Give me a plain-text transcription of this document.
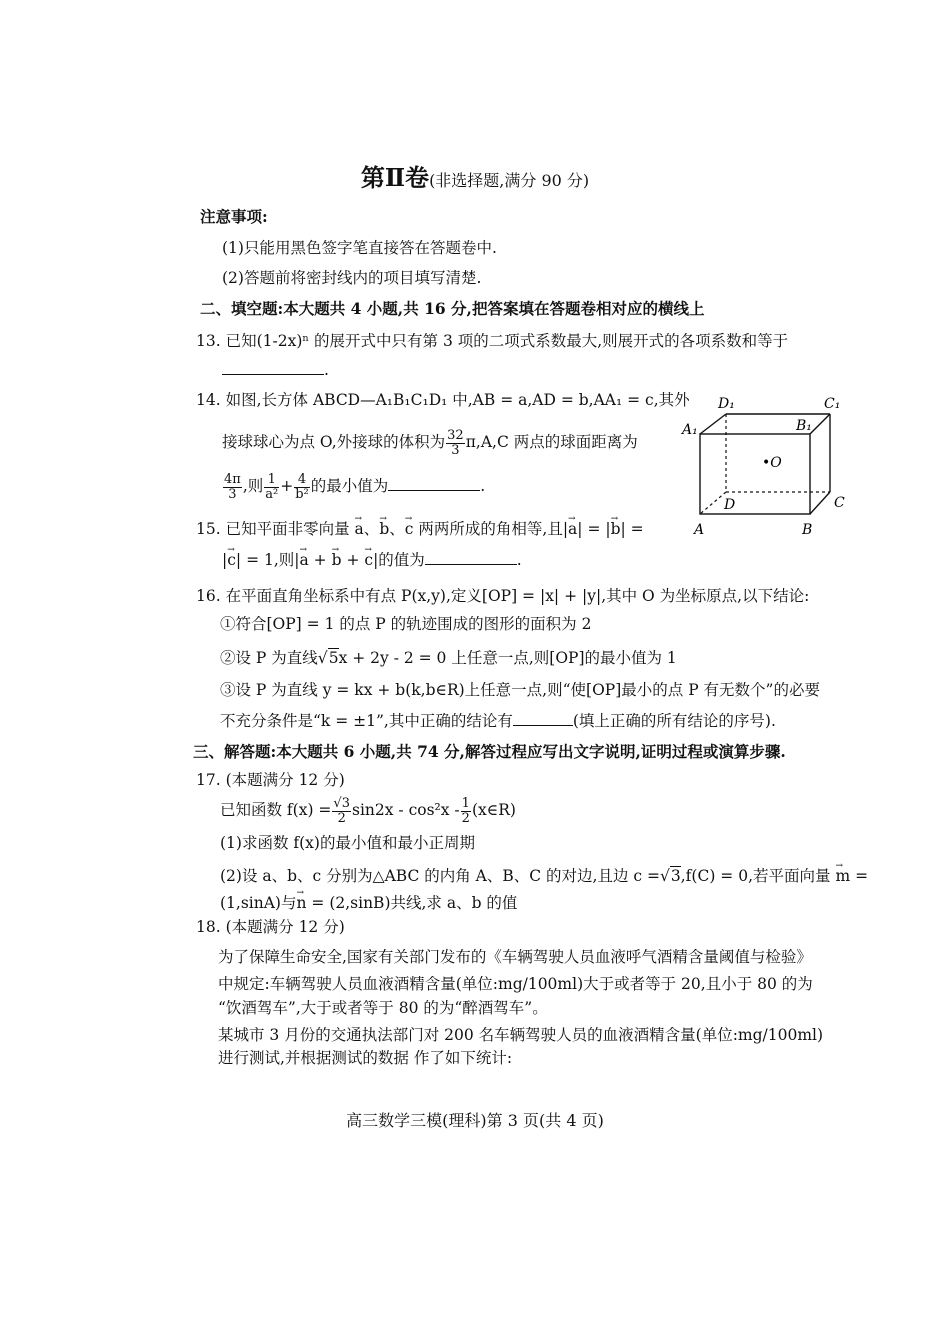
第Ⅱ卷(非选择题,满分 90 分)
注意事项:
(1)只能用黑色签字笔直接答在答题卷中.
(2)答题前将密封线内的项目填写清楚.
二、填空题:本大题共 4 小题,共 16 分,把答案填在答题卷相对应的横线上
13. 已知(1-2x)ⁿ 的展开式中只有第 3 项的二项式系数最大,则展开式的各项系数和等于
.
14. 如图,长方体 ABCD—A₁B₁C₁D₁ 中,AB = a,AD = b,AA₁ = c,其外
接球球心为点 O,外接球的体积为 $\frac{32}{3} \pi,A,C$ 两点的球面距离为
$\frac{4\pi}{3}$ ,则 $\frac{1}{\text{a²}} + \frac{4}{\text{b²}}$ 的最小值为	.
D₁	C₁
A₁	B₁
•O
D	C
A	B
15. 已知平面非零向量 → a、→ b、→ c 两两所成的角相等,且|→ a| = |→ b| =
|→ c| = 1,则|→ a + → b + → c|的值为	.
16. 在平面直角坐标系中有点 P(x,y),定义[OP] = |x| + |y|,其中 O 为坐标原点,以下结论:
①符合[OP] = 1 的点 P 的轨迹围成的图形的面积为 2
②设 P 为直线√5x + 2y - 2 = 0 上任意一点,则[OP]的最小值为 1
③设 P 为直线 y = kx + b(k,b∈R)上任意一点,则“使[OP]最小的点 P 有无数个”的必要
不充分条件是“k = ±1”,其中正确的结论有	(填上正确的所有结论的序号).
三、解答题:本大题共 6 小题,共 74 分,解答过程应写出文字说明,证明过程或演算步骤.
17. (本题满分 12 分)
已知函数 $f(x) = \frac{√3}{2} \sin 2x - \cos^2x - \frac{1}{2}$ (x∈R)
(1)求函数 f(x)的最小值和最小正周期
(2)设 a、b、c 分别为△ABC 的内角 A、B、C 的对边,且边 c =√3,f(C) = 0,若平面向量 → m =
(1,sinA)与→ n = (2,sinB)共线,求 a、b 的值
18. (本题满分 12 分)
为了保障生命安全,国家有关部门发布的《车辆驾驶人员血液呼气酒精含量阈值与检验》
中规定:车辆驾驶人员血液酒精含量(单位:mg/100ml)大于或者等于 20,且小于 80 的为
“饮酒驾车”,大于或者等于 80 的为“醉酒驾车”。
某城市 3 月份的交通执法部门对 200 名车辆驾驶人员的血液酒精含量(单位:mg/100ml)
进行测试,并根据测试的数据 作了如下统计:
高三数学三模(理科)第 3 页(共 4 页)
